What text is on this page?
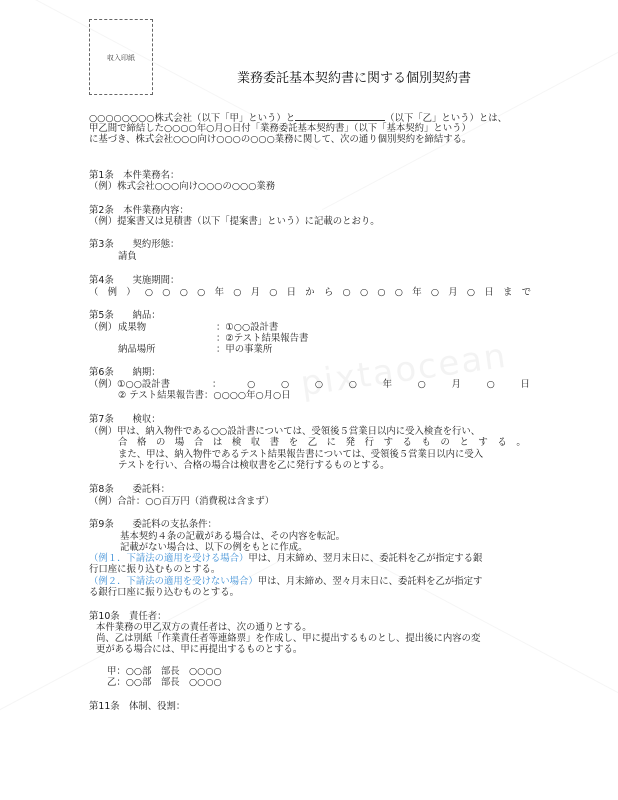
収入印紙
業務委託基本契約書に関する個別契約書
○○○○○○○○株式会社（以下「甲」という）と	（以下「乙」という）とは、
甲乙間で締結した○○○○年○月○日付「業務委託基本契約書」（以下「基本契約」という）
に基づき、株式会社○○○向け○○○の○○○業務に関して、次の通り個別契約を締結する。
第1条　本件業務名：
（例）株式会社○○○向け○○○の○○○業務
第2条　本件業務内容：
（例）提案書又は見積書（以下「提案書」という）に記載のとおり。
第3条　　契約形態：
請負
第4条　　実施期間：
（ 例 ） ○ ○ ○ ○ 年 ○ 月 ○ 日 か ら ○ ○ ○ ○ 年 ○ 月 ○ 日 ま で
第5条　　納品：
（例） 成果物	：①○○設計書
：②テスト結果報告書
納品場所	：甲の事業所
第6条　　納期：
（例）①○○設計書	：	○	○	○	○	年	○	月	○	日
② テスト結果報告書：○○○○年○月○日
第7条　　検収：
（例）甲は、納入物件である○○設計書については、受領後５営業日以内に受入検査を行い、
合 格 の 場 合 は 検 収 書 を 乙 に 発 行 す る も の と す る 。
また、甲は、納入物件であるテスト結果報告書については、受領後５営業日以内に受入
テストを行い、合格の場合は検収書を乙に発行するものとする。
第8条　　委託料：
（例）合計：○○百万円（消費税は含まず）
第9条　　委託料の支払条件：
基本契約４条の記載がある場合は、その内容を転記。
記載がない場合は、以下の例をもとに作成。
（例１．下請法の適用を受ける場合）甲は、月末締め、翌月末日に、委託料を乙が指定する銀
行口座に振り込むものとする。
（例２．下請法の適用を受けない場合）甲は、月末締め、翌々月末日に、委託料を乙が指定す
る銀行口座に振り込むものとする。
第10条　責任者：
本件業務の甲乙双方の責任者は、次の通りとする。
尚、乙は別紙「作業責任者等連絡票」を作成し、甲に提出するものとし、提出後に内容の変
更がある場合には、甲に再提出するものとする。
甲：○○部　部長　○○○○
乙：○○部　部長　○○○○
第11条　体制、役割：
